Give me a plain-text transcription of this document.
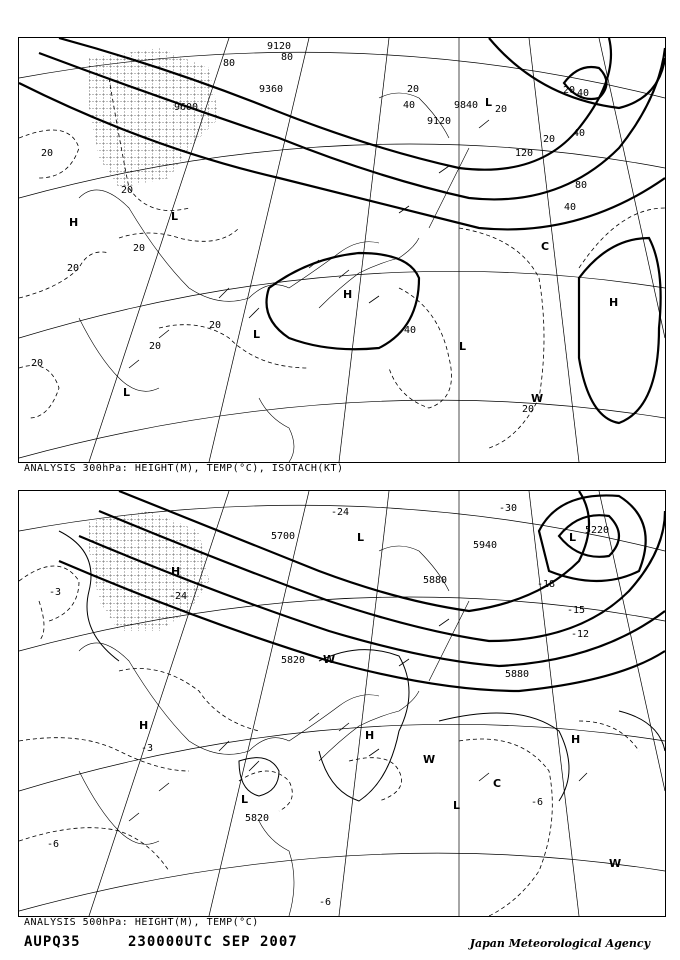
9120
9600
9360
9120
9840
80
80
20
20
20
40
20
40
120
80
40
20
20
20
20
20
20
40
20
20
-40
H	L
L
H
H
L
W
C
L
L
ANALYSIS 300hPa: HEIGHT(M), TEMP(°C), ISOTACH(KT)
5700
5880
5820
5820
5220
5880
5940
-24	-30
-3
-3
-6
-6
-6
-18
-15
-12
-24
H
L
H	H
W
L
C
H
W
L
L
W
ANALYSIS 500hPa: HEIGHT(M), TEMP(°C)
AUPQ35	230000UTC SEP 2007	Japan Meteorological Agency
